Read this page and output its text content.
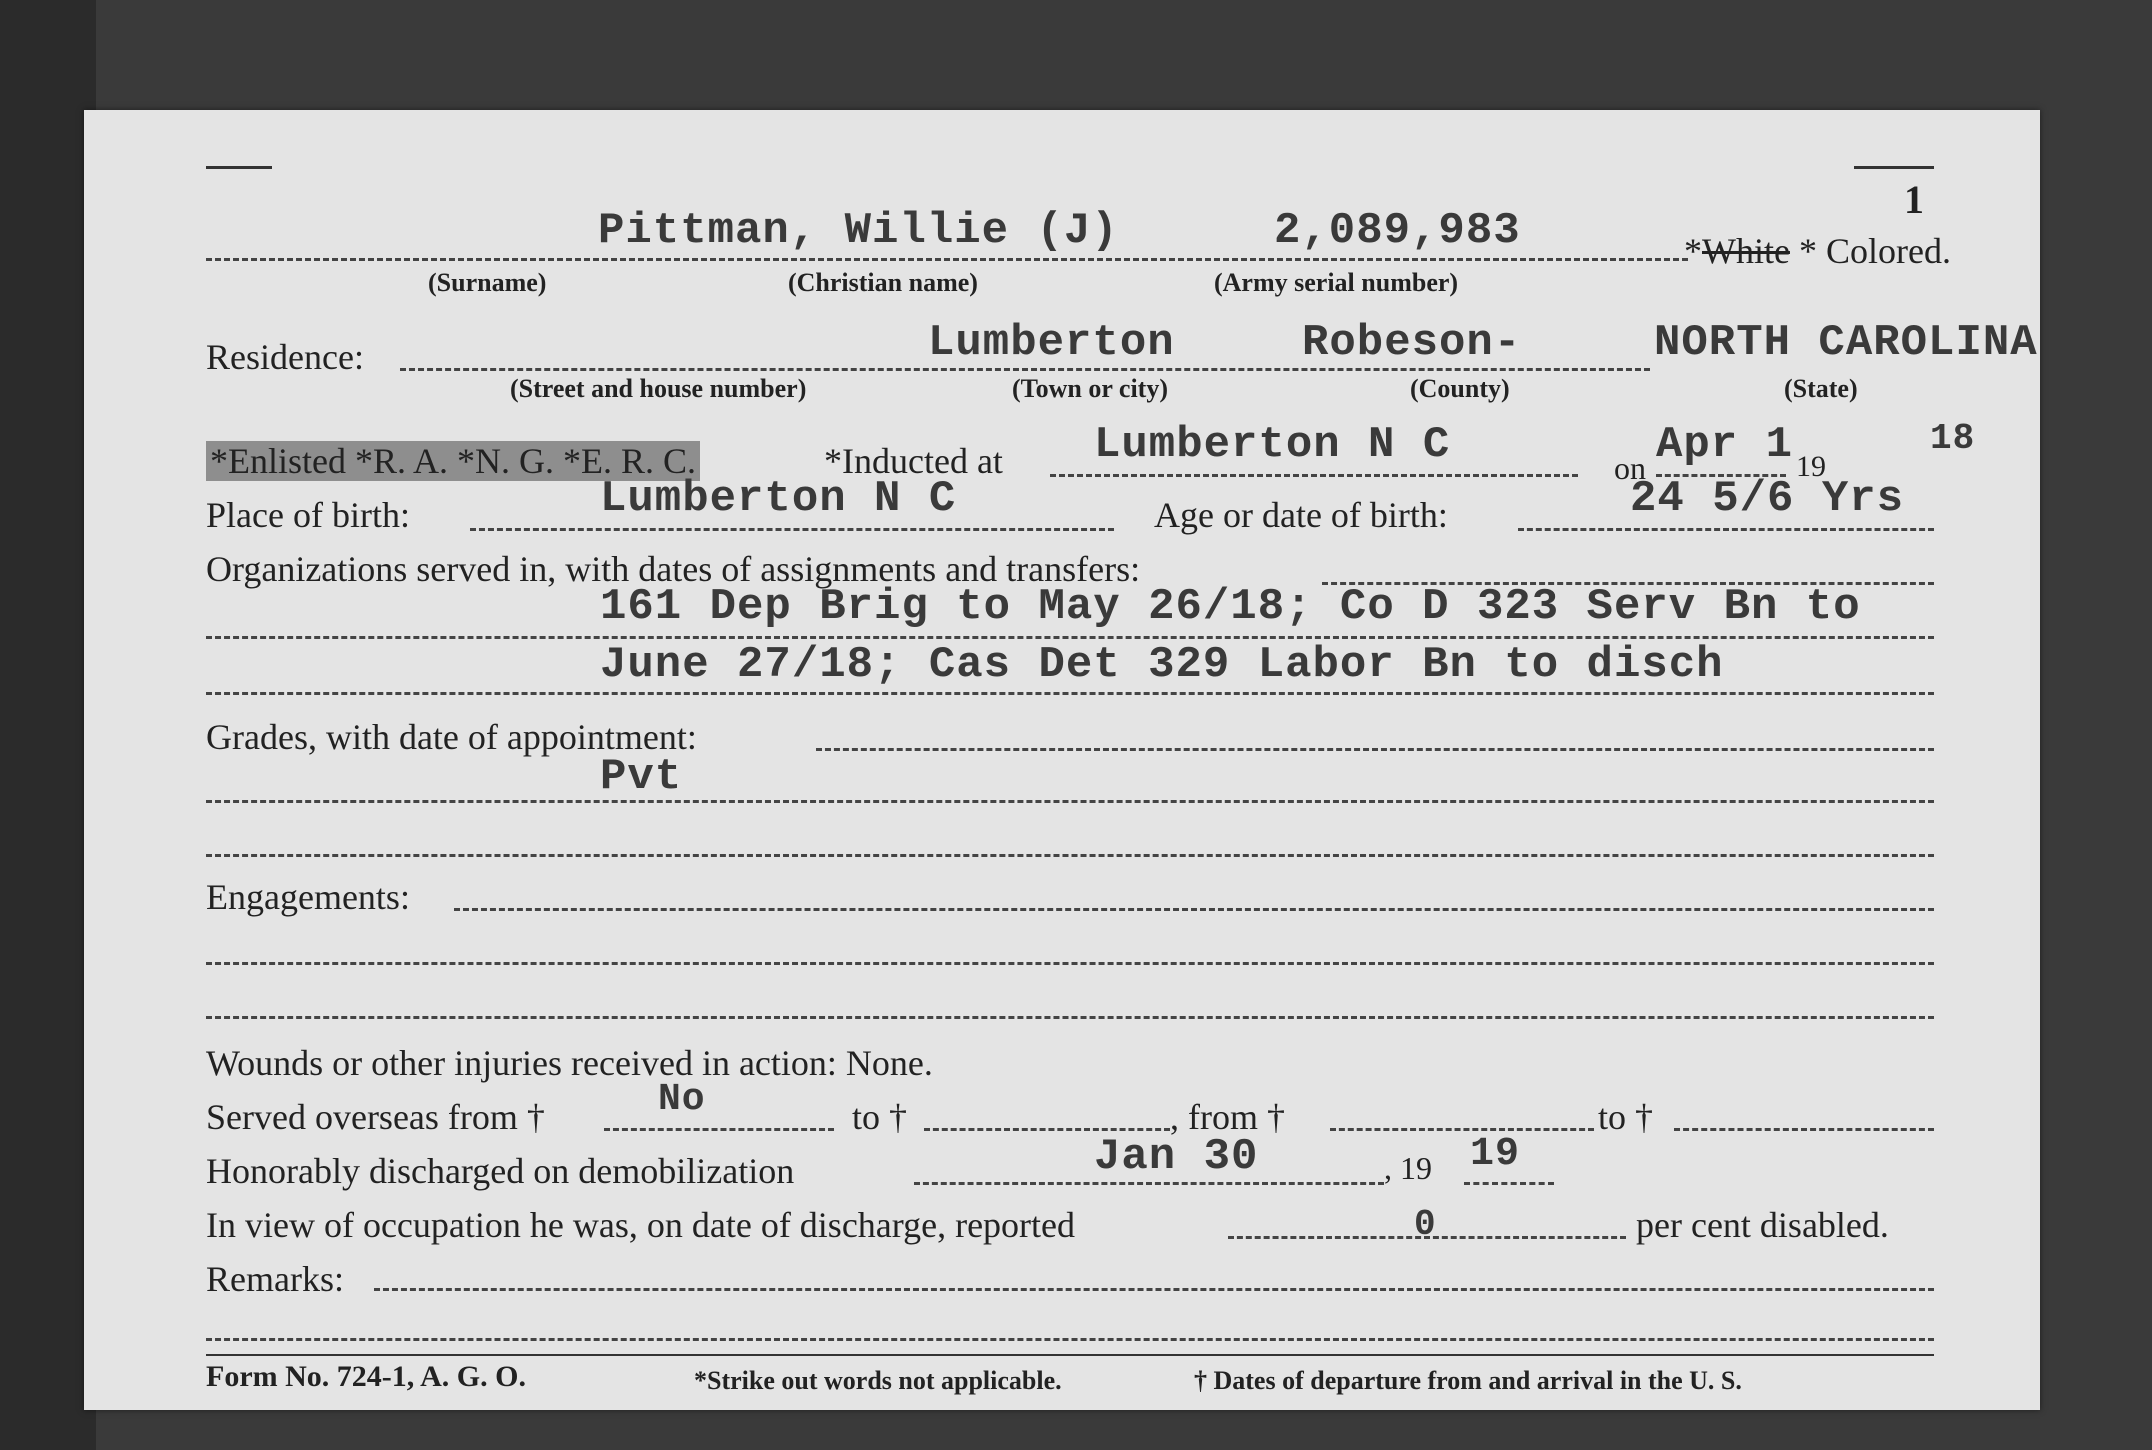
1
Pittman, Willie (J)	2,089,983	*White * Colored.
(Surname)	(Christian name)	(Army serial number)
Residence:	Lumberton	Robeson-	NORTH CAROLINA
(Street and house number)	(Town or city)	(County)	(State)
*Enlisted *R. A. *N. G. *E. R. C.	*Inducted at Lumberton N C	on Apr 1 19
18
Place of birth:	Lumberton N C	Age or date of birth:	24 5/6 Yrs
Organizations served in, with dates of assignments and transfers:
161 Dep Brig to May 26/18; Co D 323 Serv Bn to
June 27/18; Cas Det 329 Labor Bn to disch
Grades, with date of appointment:
Pvt
Engagements:
Wounds or other injuries received in action: None.
Served overseas from †	No	to †	, from †	to †
Honorably discharged on demobilization	Jan 30	, 19 19
In view of occupation he was, on date of discharge, reported	0	per cent disabled.
Remarks:
Form No. 724-1, A. G. O.	*Strike out words not applicable.	† Dates of departure from and arrival in the U. S.
